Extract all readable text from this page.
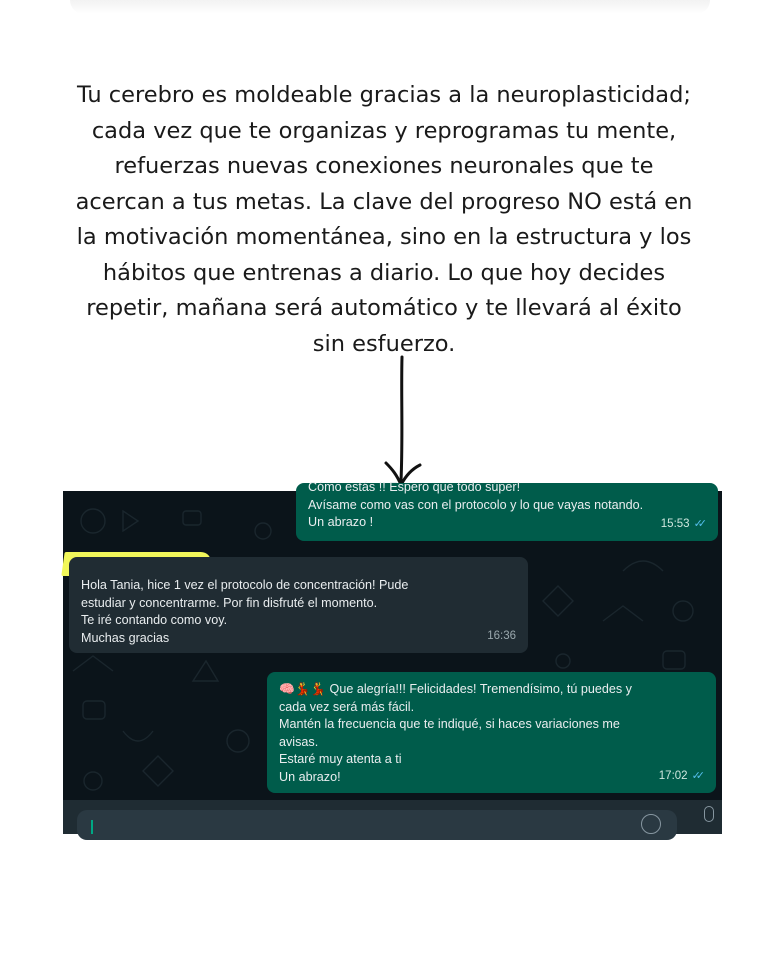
Tu cerebro es moldeable gracias a la neuroplasticidad;
cada vez que te organizas y reprogramas tu mente,
refuerzas nuevas conexiones neuronales que te
acercan a tus metas. La clave del progreso NO está en
la motivación momentánea, sino en la estructura y los
hábitos que entrenas a diario. Lo que hoy decides
repetir, mañana será automático y te llevará al éxito
sin esfuerzo.
Cómo estás !! Espero que todo súper!
Avísame como vas con el protocolo y lo que vayas notando.
Un abrazo !	15:53 ✓✓
Hola Tania, hice 1 vez el protocolo de concentración! Pude
estudiar y concentrarme. Por fin disfruté el momento.
Te iré contando como voy.
Muchas gracias	16:36
🧠💃💃 Que alegría!!! Felicidades! Tremendísimo, tú puedes y
cada vez será más fácil.
Mantén la frecuencia que te indiqué, si haces variaciones me
avisas.
Estaré muy atenta a ti
Un abrazo!	17:02 ✓✓
